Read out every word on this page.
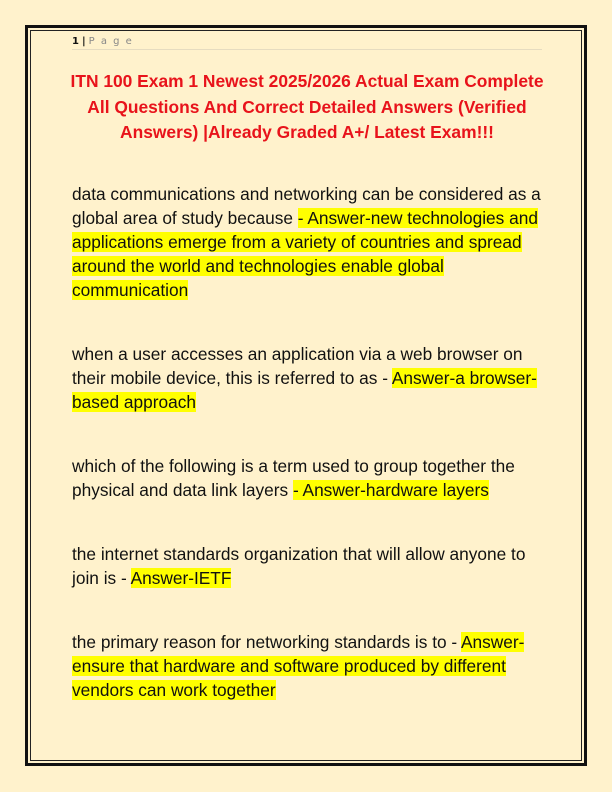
1 | P a g e
ITN 100 Exam 1 Newest 2025/2026 Actual Exam Complete All Questions And Correct Detailed Answers (Verified Answers) |Already Graded A+/ Latest Exam!!!

data communications and networking can be considered as a global area of study because - Answer-new technologies and applications emerge from a variety of countries and spread around the world and technologies enable global communication

when a user accesses an application via a web browser on their mobile device, this is referred to as - Answer-a browser-based approach

which of the following is a term used to group together the physical and data link layers - Answer-hardware layers

the internet standards organization that will allow anyone to join is - Answer-IETF

the primary reason for networking standards is to - Answer-ensure that hardware and software produced by different vendors can work together
